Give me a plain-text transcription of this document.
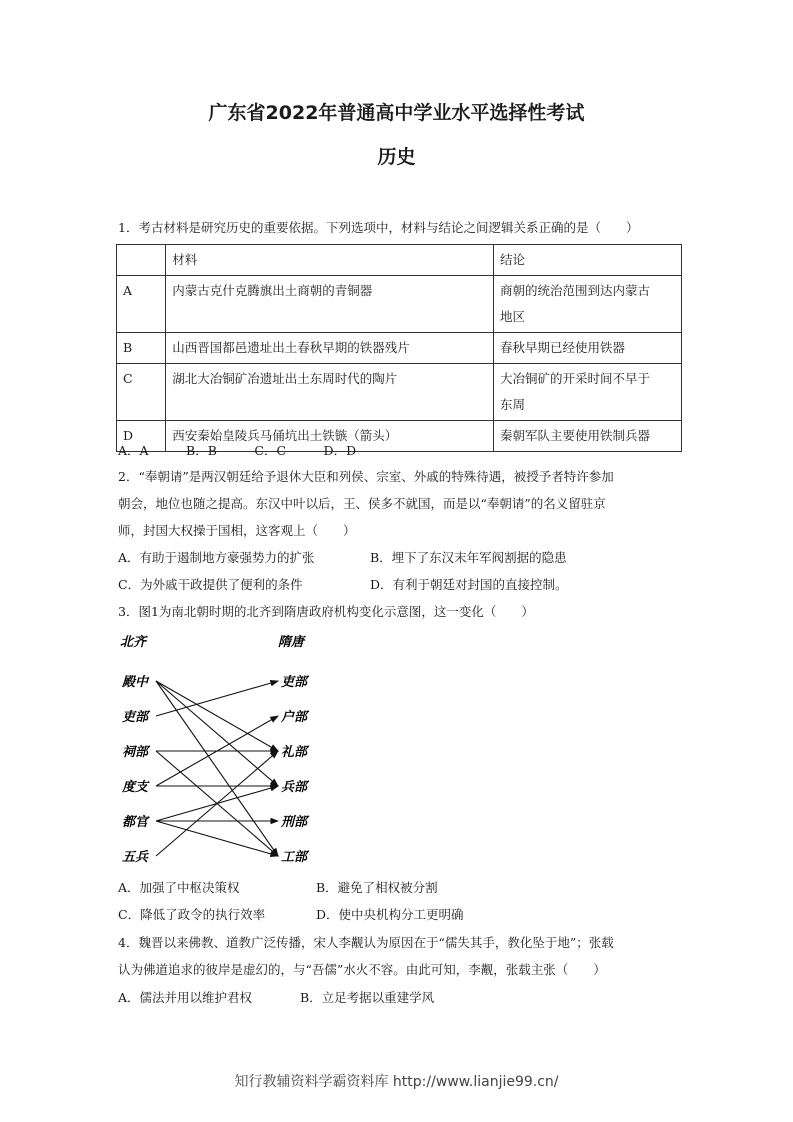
广东省2022年普通高中学业水平选择性考试
历史
1．考古材料是研究历史的重要依据。下列选项中，材料与结论之间逻辑关系正确的是（　　）
	材料	结论
A	内蒙古克什克腾旗出土商朝的青铜器	商朝的统治范围到达内蒙古
地区

B	山西晋国都邑遗址出土春秋早期的铁器残片	春秋早期已经使用铁器

C	湖北大冶铜矿冶遗址出土东周时代的陶片	大冶铜矿的开采时间不早于
东周

D	西安秦始皇陵兵马俑坑出土铁镞（箭头）	秦朝军队主要使用铁制兵器
A．A　　　B．B　　　C．C　　　D．D
2．“奉朝请”是两汉朝廷给予退休大臣和列侯、宗室、外戚的特殊待遇，被授予者特许参加
朝会，地位也随之提高。东汉中叶以后，王、侯多不就国，而是以“奉朝请”的名义留驻京
师，封国大权操于国相，这客观上（　　）
A．有助于遏制地方豪强势力的扩张	B．埋下了东汉末年军阀割据的隐患
C．为外戚干政提供了便利的条件	D．有利于朝廷对封国的直接控制。
3．图1为南北朝时期的北齐到隋唐政府机构变化示意图，这一变化（　　）
北齐	隋唐
殿中
吏部
祠部
度支
都官
五兵
吏部
户部
礼部
兵部
刑部
工部
A．加强了中枢决策权	B．避免了相权被分割
C．降低了政令的执行效率	D．使中央机构分工更明确
4．魏晋以来佛教、道教广泛传播，宋人李觏认为原因在于“儒失其手，教化坠于地”；张载
认为佛道追求的彼岸是虚幻的，与“吾儒”水火不容。由此可知，李觏，张载主张（　　）
A．儒法并用以维护君权	B．立足考据以重建学风
知行教辅资料学霸资料库 http://www.lianjie99.cn/
